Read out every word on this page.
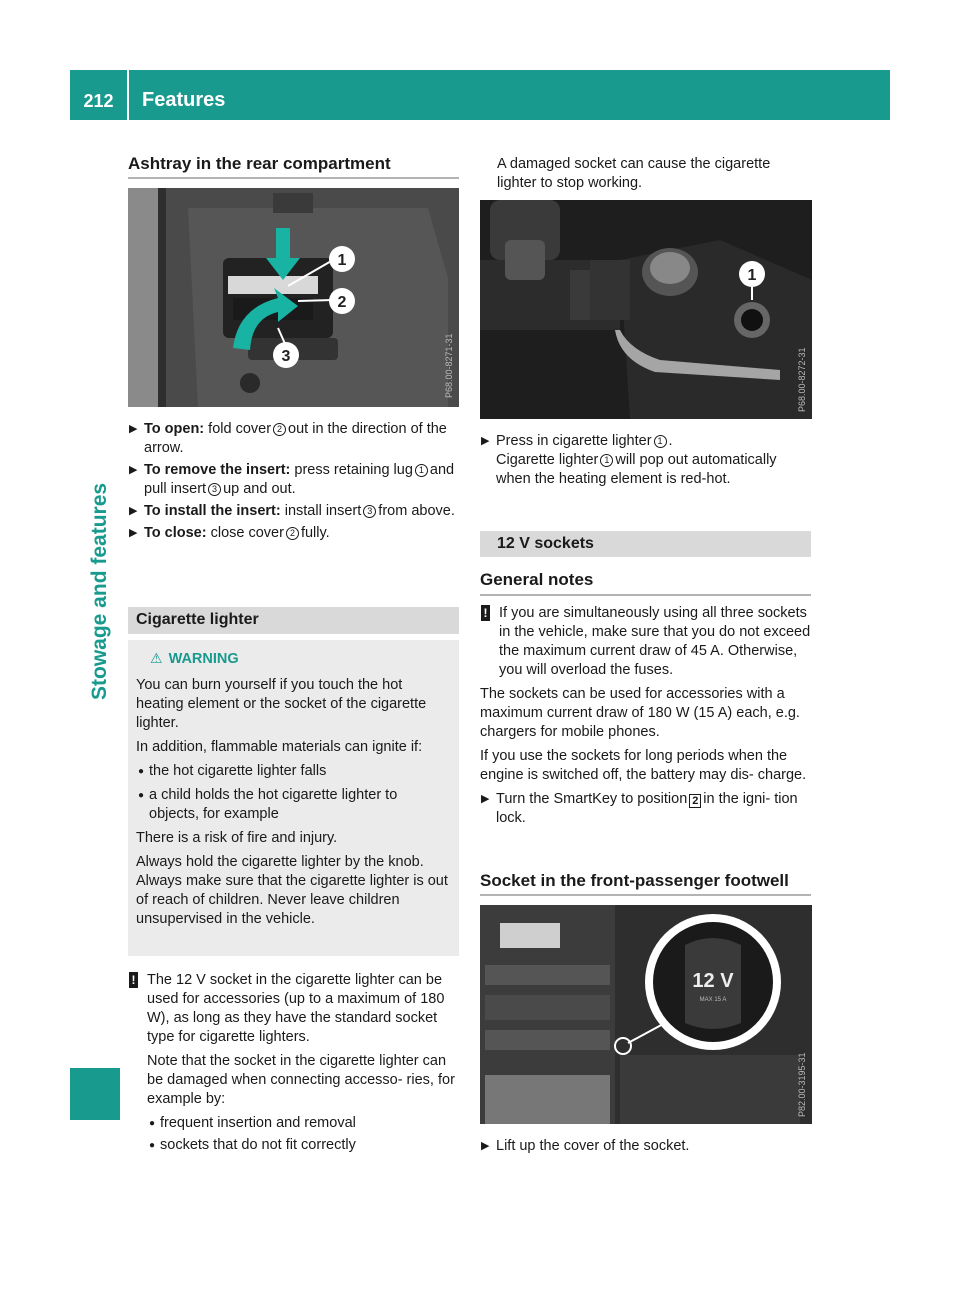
212	Features
Stowage and features
Ashtray in the rear compartment
1
2
3	P68.00-8271-31
▶ To open: fold cover 2 out in the direction of the arrow.
▶ To remove the insert: press retaining lug 1 and pull insert 3 up and out.
▶ To install the insert: install insert 3 from above.
▶ To close: close cover 2 fully.
Cigarette lighter
⚠ WARNING

You can burn yourself if you touch the hot heating element or the socket of the cigarette lighter.

In addition, flammable materials can ignite if:

● the hot cigarette lighter falls
● a child holds the hot cigarette lighter to objects, for example

There is a risk of fire and injury.

Always hold the cigarette lighter by the knob. Always make sure that the cigarette lighter is out of reach of children. Never leave children unsupervised in the vehicle.

! The 12 V socket in the cigarette lighter can be used for accessories (up to a maximum of 180 W), as long as they have the standard socket type for cigarette lighters.

Note that the socket in the cigarette lighter can be damaged when connecting accesso- ries, for example by:

● frequent insertion and removal
● sockets that do not fit correctly

A damaged socket can cause the cigarette lighter to stop working.

1
P68.00-8272-31
▶ Press in cigarette lighter 1 .
Cigarette lighter 1 will pop out automatically when the heating element is red-hot.
12 V sockets
General notes
! If you are simultaneously using all three sockets in the vehicle, make sure that you do not exceed the maximum current draw of 45 A. Otherwise, you will overload the fuses.

The sockets can be used for accessories with a maximum current draw of 180 W (15 A) each, e.g. chargers for mobile phones.

If you use the sockets for long periods when the engine is switched off, the battery may dis- charge.

▶ Turn the SmartKey to position 2 in the igni- tion lock.
Socket in the front-passenger footwell
12 V
MAX 15 A
P82.00-3195-31
▶ Lift up the cover of the socket.
